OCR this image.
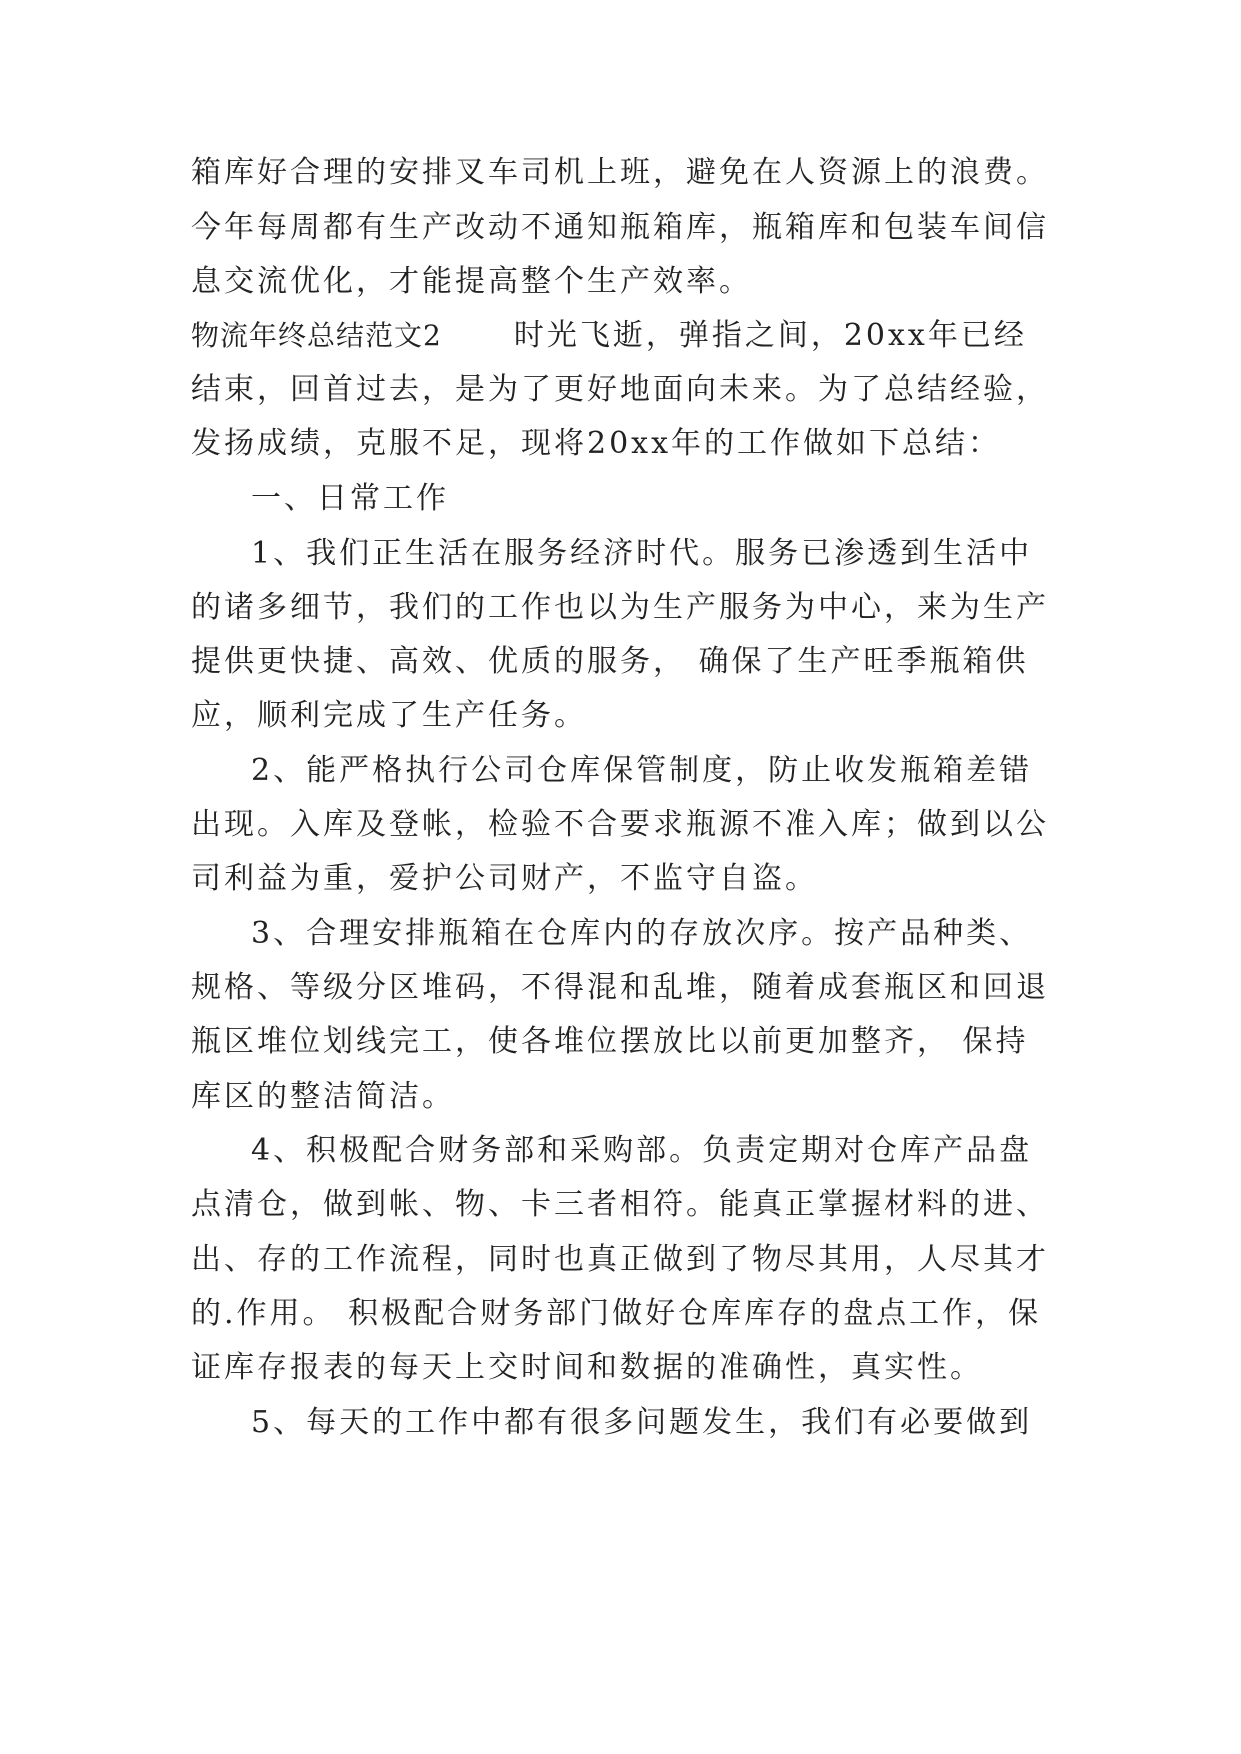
箱库好合理的安排叉车司机上班，避免在人资源上的浪费。
今年每周都有生产改动不通知瓶箱库，瓶箱库和包装车间信
息交流优化，才能提高整个生产效率。
物流年终总结范文2 时光飞逝，弹指之间，20xx年已经
结束，回首过去，是为了更好地面向未来。为了总结经验，
发扬成绩，克服不足，现将20xx年的工作做如下总结：
一、日常工作
1、我们正生活在服务经济时代。服务已渗透到生活中
的诸多细节，我们的工作也以为生产服务为中心，来为生产
提供更快捷、高效、优质的服务， 确保了生产旺季瓶箱供
应，顺利完成了生产任务。
2、能严格执行公司仓库保管制度，防止收发瓶箱差错
出现。入库及登帐，检验不合要求瓶源不准入库；做到以公
司利益为重，爱护公司财产，不监守自盗。
3、合理安排瓶箱在仓库内的存放次序。按产品种类、
规格、等级分区堆码，不得混和乱堆，随着成套瓶区和回退
瓶区堆位划线完工，使各堆位摆放比以前更加整齐， 保持
库区的整洁简洁。
4、积极配合财务部和采购部。负责定期对仓库产品盘
点清仓，做到帐、物、卡三者相符。能真正掌握材料的进、
出、存的工作流程，同时也真正做到了物尽其用，人尽其才
的.作用。 积极配合财务部门做好仓库库存的盘点工作，保
证库存报表的每天上交时间和数据的准确性，真实性。
5、每天的工作中都有很多问题发生，我们有必要做到
